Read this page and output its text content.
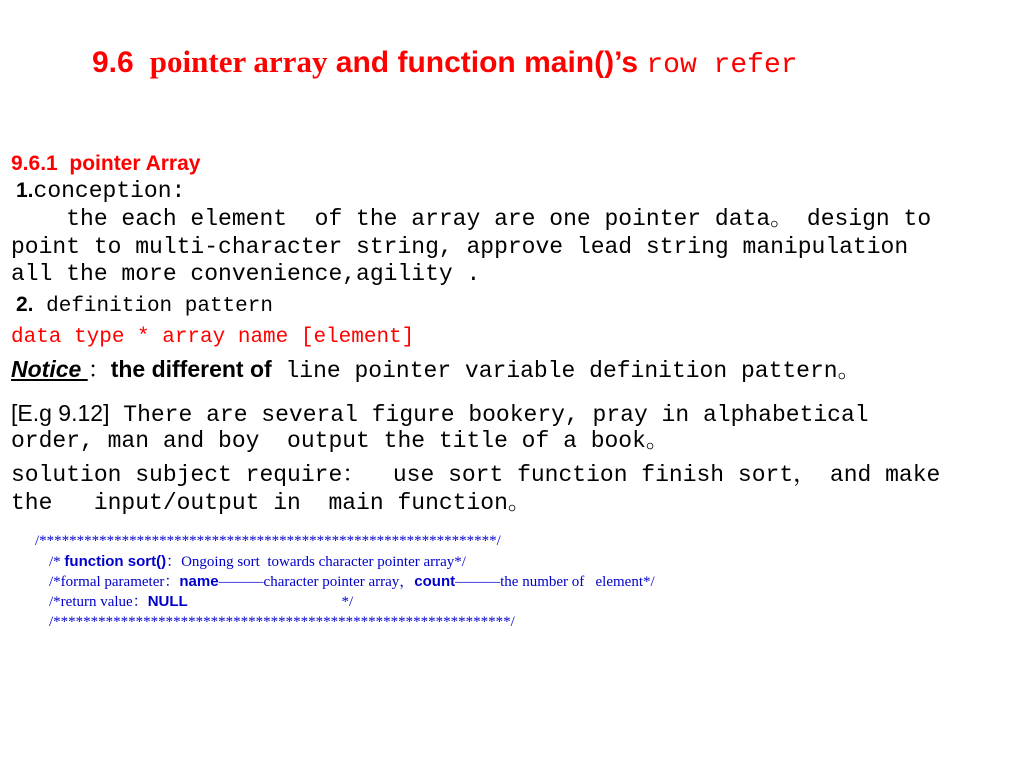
9.6  pointer array and function main()’s row refer
9.6.1  pointer Array
1.conception:
the each element  of the array are one pointer data。 design to
point to multi-character string, approve lead string manipulation
all the more convenience,agility .
2. definition pattern
data type * array name [element]
Notice ：the different of line pointer variable definition pattern。
[E.g 9.12] There are several figure bookery, pray in alphabetical
order, man and boy  output the title of a book。
solution subject require：  use sort function finish sort， and make
the   input/output in  main function。
/*************************************************************/
/* function sort()：Ongoing sort  towards character pointer array*/
/*formal parameter：name———character pointer array，count———the number of   element*/
/*return value：NULL                                         */
/*************************************************************/
